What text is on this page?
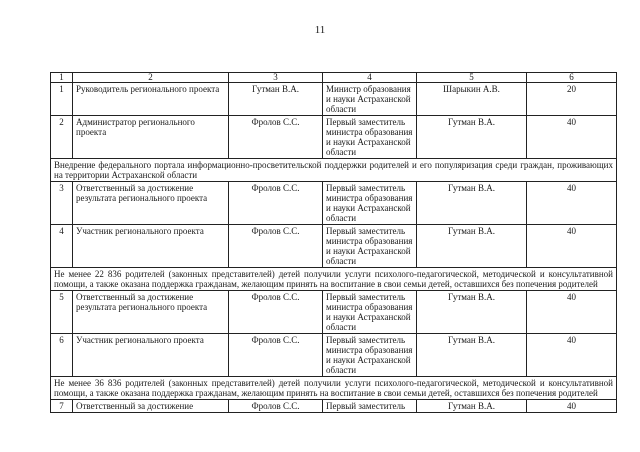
11
1	2	3	4	5	6
1	Руководитель регионального проекта	Гутман В.А.	Министр образования и науки Астраханской области	Шарыкин А.В.	20
2	Администратор регионального проекта	Фролов С.С.	Первый заместитель министра образования и науки Астраханской области	Гутман В.А.	40
Внедрение федерального портала информационно-просветительской поддержки родителей и его популяризация среди граждан, проживающих на территории Астраханской области					
3	Ответственный за достижение результата регионального проекта	Фролов С.С.	Первый заместитель министра образования и науки Астраханской области	Гутман В.А.	40
4	Участник регионального проекта	Фролов С.С.	Первый заместитель министра образования и науки Астраханской области	Гутман В.А.	40
Не менее 22 836 родителей (законных представителей) детей получили услуги психолого-педагогической, методической и консультативной помощи, а также оказана поддержка гражданам, желающим принять на воспитание в свои семьи детей, оставшихся без попечения родителей					
5	Ответственный за достижение результата регионального проекта	Фролов С.С.	Первый заместитель министра образования и науки Астраханской области	Гутман В.А.	40
6	Участник регионального проекта	Фролов С.С.	Первый заместитель министра образования и науки Астраханской области	Гутман В.А.	40
Не менее 36 836 родителей (законных представителей) детей получили услуги психолого-педагогической, методической и консультативной помощи, а также оказана поддержка гражданам, желающим принять на воспитание в свои семьи детей, оставшихся без попечения родителей					
7	Ответственный за достижение	Фролов С.С.	Первый заместитель	Гутман В.А.	40
